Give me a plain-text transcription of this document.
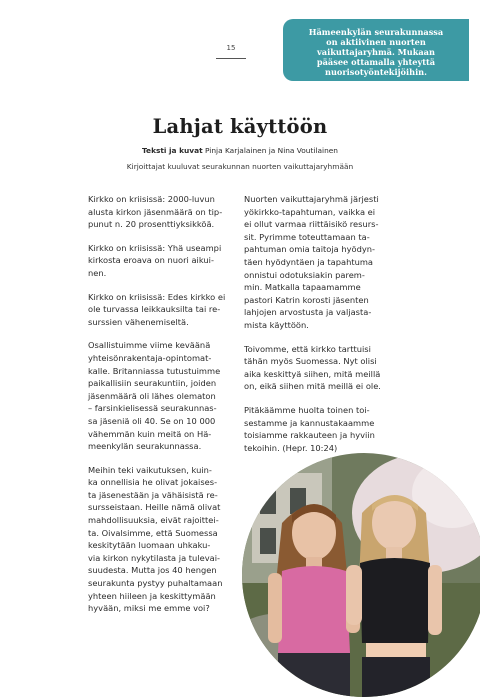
15
Hämeenkylän seurakunnassa
on aktiivinen nuorten
vaikuttajaryhmä. Mukaan
pääsee ottamalla yhteyttä
nuorisotyöntekijöihin.
Lahjat käyttöön
Teksti ja kuvat Pinja Karjalainen ja Nina Voutilainen
Kirjoittajat kuuluvat seurakunnan nuorten vaikuttajaryhmään

Kirkko on kriisissä: 2000-luvun
alusta kirkon jäsenmäärä on tip-
punut n. 20 prosenttiyksikköä.

Kirkko on kriisissä: Yhä useampi
kirkosta eroava on nuori aikui-
nen.

Kirkko on kriisissä: Edes kirkko ei
ole turvassa leikkauksilta tai re-
surssien vähenemiseltä.

Osallistuimme viime keväänä
yhteisönrakentaja-opintomat-
kalle. Britanniassa tutustuimme
paikallisiin seurakuntiin, joiden
jäsenmäärä oli lähes olematon
– farsinkielisessä seurakunnas-
sa jäseniä oli 40. Se on 10 000
vähemmän kuin meitä on Hä-
meenkylän seurakunnassa.

Meihin teki vaikutuksen, kuin-
ka onnellisia he olivat jokaises-
ta jäsenestään ja vähäisistä re-
sursseistaan. Heille nämä olivat
mahdollisuuksia, eivät rajoittei-
ta. Oivalsimme, että Suomessa
keskitytään luomaan uhkaku-
via kirkon nykytilasta ja tulevai-
suudesta. Mutta jos 40 hengen
seurakunta pystyy puhaltamaan
yhteen hiileen ja keskittymään
hyvään, miksi me emme voi?

Nuorten vaikuttajaryhmä järjesti
yökirkko-tapahtuman, vaikka ei
ei ollut varmaa riittäisikö resurs-
sit. Pyrimme toteuttamaan ta-
pahtuman omia taitoja hyödyn-
täen hyödyntäen ja tapahtuma
onnistui odotuksiakin parem-
min. Matkalla tapaamamme
pastori Katrin korosti jäsenten
lahjojen arvostusta ja valjasta-
mista käyttöön.

Toivomme, että kirkko tarttuisi
tähän myös Suomessa. Nyt olisi
aika keskittyä siihen, mitä meillä
on, eikä siihen mitä meillä ei ole.

Pitäkäämme huolta toinen toi-
sestamme ja kannustakaamme
toisiamme rakkauteen ja hyviin
tekoihin. (Hepr. 10:24)
